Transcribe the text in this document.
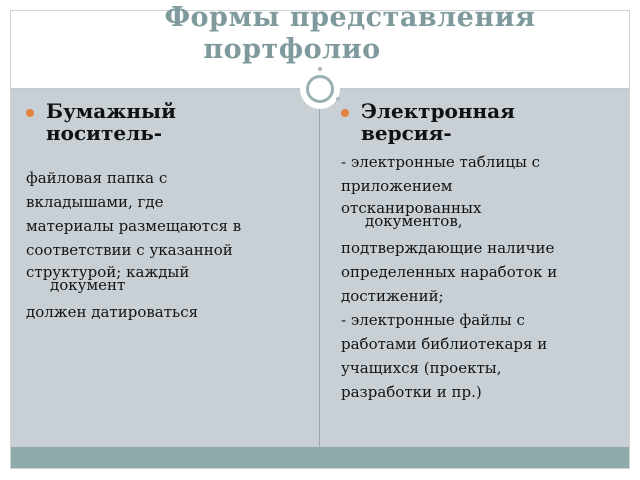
Формы представления
портфолио

Бумажный

носитель-

файловая папка с

вкладышами, где

материалы размещаются в

соответствии с указанной

структурой; каждый

документ

должен датироваться

Электронная

версия-

- электронные таблицы с

приложением

отсканированных

документов,

подтверждающие наличие

определенных наработок и

достижений;

- электронные файлы с

работами библиотекаря и

учащихся (проекты,

разработки и пр.)
